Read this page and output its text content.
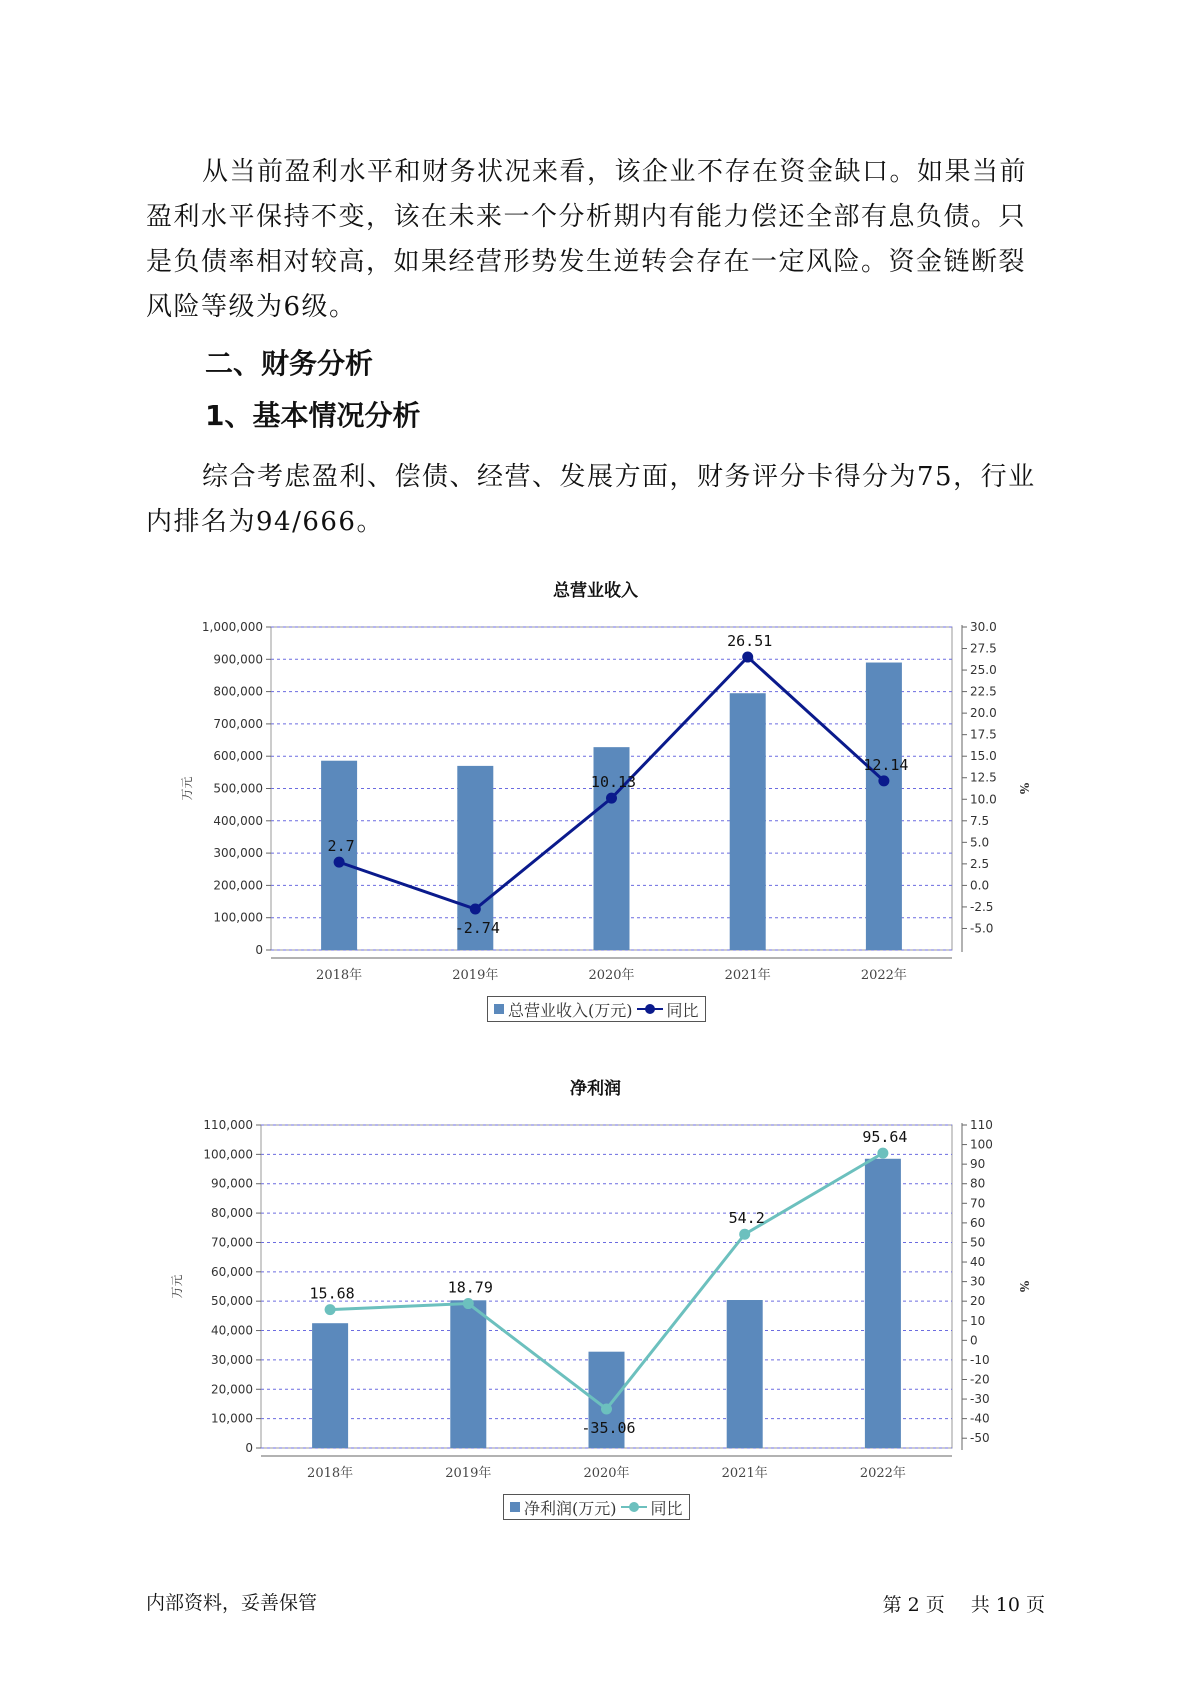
从当前盈利水平和财务状况来看，该企业不存在资金缺口。如果当前盈利水平保持不变，该在未来一个分析期内有能力偿还全部有息负债。只是负债率相对较高，如果经营形势发生逆转会存在一定风险。资金链断裂风险等级为6级。

二、财务分析
1、基本情况分析

综合考虑盈利、偿债、经营、发展方面，财务评分卡得分为75，行业内排名为94/666。

总营业收入
0
100,000
200,000
300,000
400,000
500,000
600,000
700,000
800,000
900,000
1,000,000
-5.0
-2.5
0.0
2.5
5.0
7.5
10.0
12.5
15.0
17.5
20.0
22.5
25.0
27.5
30.0
万元	%
2018年	2019年	2020年	2021年	2022年
2.7
-2.74
10.13
26.51
12.14
总营业收入(万元) 同比
净利润
0
10,000
20,000
30,000
40,000
50,000
60,000
70,000
80,000
90,000
100,000
110,000
-50
-40
-30
-20
-10
0
10
20
30
40
50
60
70
80
90
100
110
万元	%
2018年	2019年	2020年	2021年	2022年
15.68	18.79
-35.06
54.2
95.64
净利润(万元) 同比
内部资料，妥善保管	第 2 页 共 10 页
